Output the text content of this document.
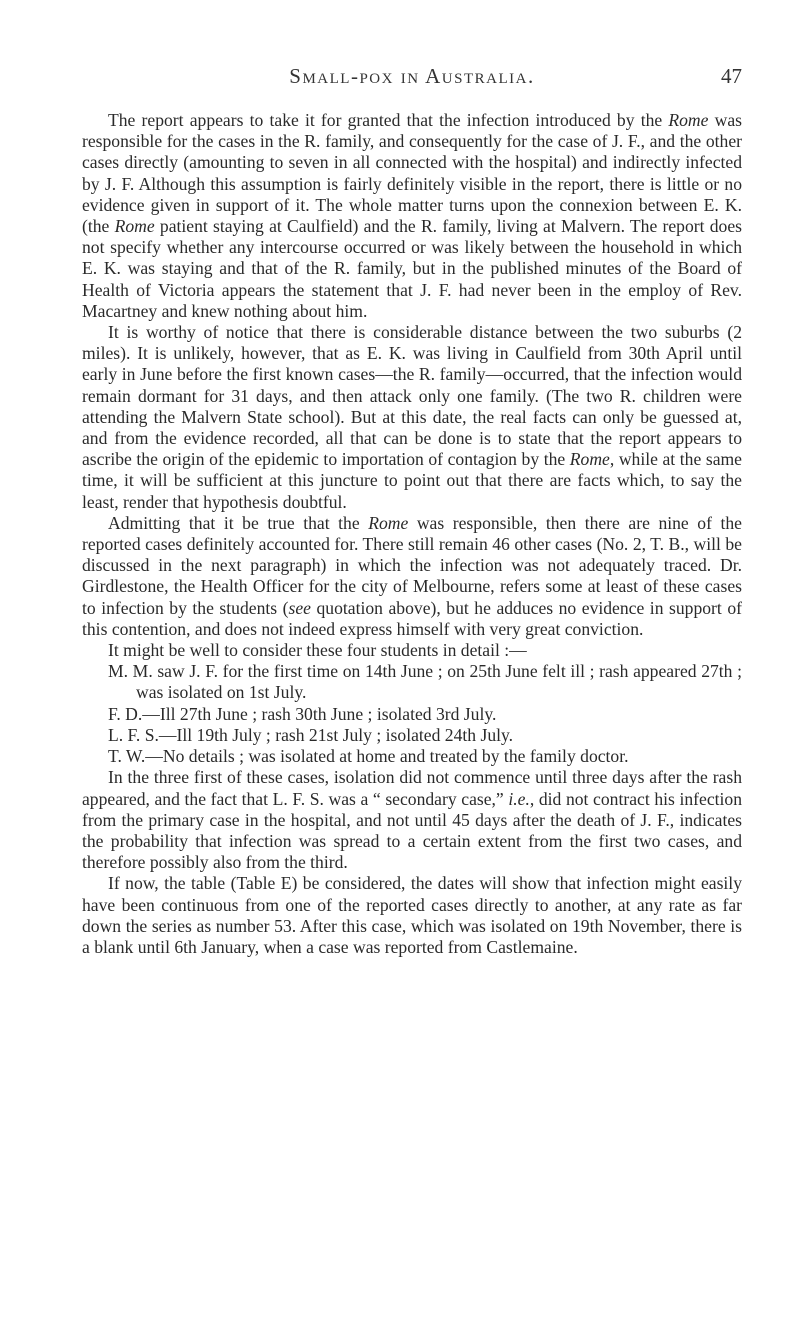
Small-pox in Australia.	47

The report appears to take it for granted that the infection introduced by the Rome was responsible for the cases in the R. family, and consequently for the case of J. F., and the other cases directly (amounting to seven in all connected with the hospital) and indirectly infected by J. F. Although this assumption is fairly definitely visible in the report, there is little or no evidence given in support of it. The whole matter turns upon the connexion between E. K. (the Rome patient staying at Caulfield) and the R. family, living at Malvern. The report does not specify whether any intercourse occurred or was likely between the household in which E. K. was staying and that of the R. family, but in the published minutes of the Board of Health of Victoria appears the statement that J. F. had never been in the employ of Rev. Macartney and knew nothing about him.

It is worthy of notice that there is considerable distance between the two suburbs (2 miles). It is unlikely, however, that as E. K. was living in Caulfield from 30th April until early in June before the first known cases—the R. family—occurred, that the infection would remain dormant for 31 days, and then attack only one family. (The two R. children were attending the Malvern State school). But at this date, the real facts can only be guessed at, and from the evidence recorded, all that can be done is to state that the report appears to ascribe the origin of the epidemic to importation of contagion by the Rome, while at the same time, it will be sufficient at this juncture to point out that there are facts which, to say the least, render that hypothesis doubtful.

Admitting that it be true that the Rome was responsible, then there are nine of the reported cases definitely accounted for. There still remain 46 other cases (No. 2, T. B., will be discussed in the next paragraph) in which the infection was not adequately traced. Dr. Girdlestone, the Health Officer for the city of Melbourne, refers some at least of these cases to infection by the students (see quotation above), but he adduces no evidence in support of this contention, and does not indeed express himself with very great conviction.

It might be well to consider these four students in detail :—

M. M. saw J. F. for the first time on 14th June ; on 25th June felt ill ; rash appeared 27th ; was isolated on 1st July.
F. D.—Ill 27th June ; rash 30th June ; isolated 3rd July.
L. F. S.—Ill 19th July ; rash 21st July ; isolated 24th July.
T. W.—No details ; was isolated at home and treated by the family doctor.

In the three first of these cases, isolation did not commence until three days after the rash appeared, and the fact that L. F. S. was a “ secondary case,” i.e., did not contract his infection from the primary case in the hospital, and not until 45 days after the death of J. F., indicates the probability that infection was spread to a certain extent from the first two cases, and therefore possibly also from the third.

If now, the table (Table E) be considered, the dates will show that infection might easily have been continuous from one of the reported cases directly to another, at any rate as far down the series as number 53. After this case, which was isolated on 19th November, there is a blank until 6th January, when a case was reported from Castlemaine.
